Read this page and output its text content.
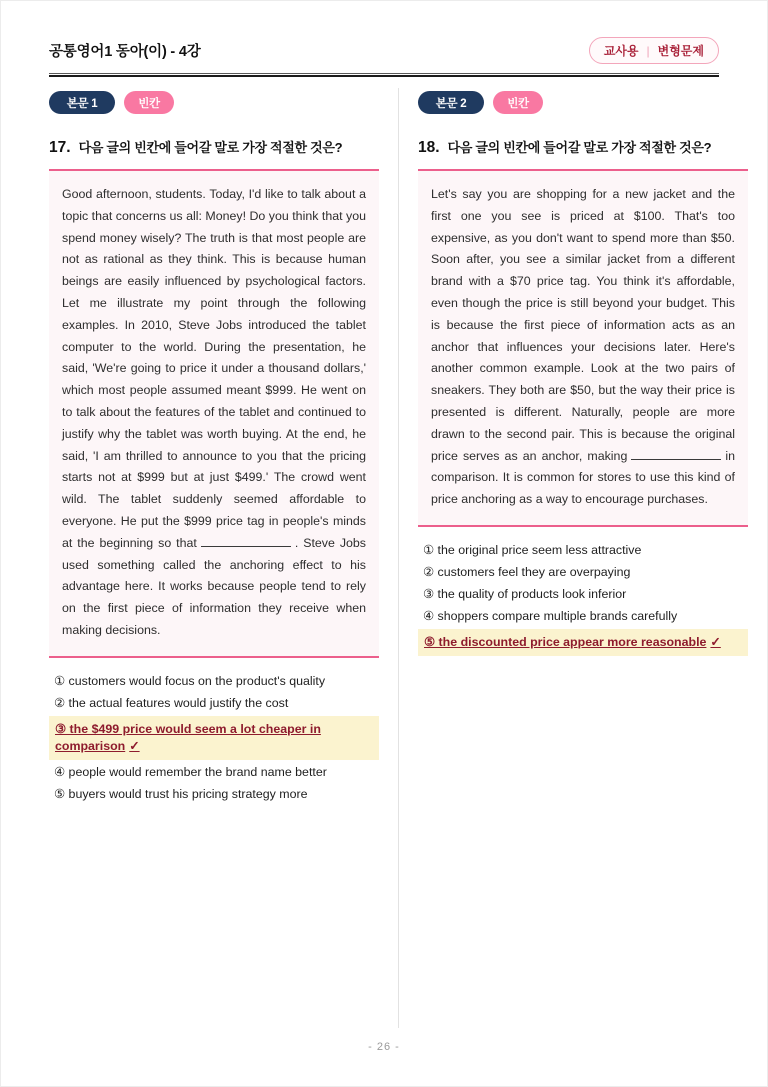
공통영어1 동아(이) - 4강	교사용 | 변형문제
본문 1	빈칸
17. 다음 글의 빈칸에 들어갈 말로 가장 적절한 것은?
Good afternoon, students. Today, I'd like to talk about a topic that concerns us all: Money! Do you think that you spend money wisely? The truth is that most people are not as rational as they think. This is because human beings are easily influenced by psychological factors. Let me illustrate my point through the following examples. In 2010, Steve Jobs introduced the tablet computer to the world. During the presentation, he said, 'We're going to price it under a thousand dollars,' which most people assumed meant $999. He went on to talk about the features of the tablet and continued to justify why the tablet was worth buying. At the end, he said, 'I am thrilled to announce to you that the pricing starts not at $999 but at just $499.' The crowd went wild. The tablet suddenly seemed affordable to everyone. He put the $999 price tag in people's minds at the beginning so that	. Steve Jobs used something called the anchoring effect to his advantage here. It works because people tend to rely on the first piece of information they receive when making decisions.
① customers would focus on the product's quality
② the actual features would justify the cost
③ the $499 price would seem a lot cheaper in comparison ✓
④ people would remember the brand name better
⑤ buyers would trust his pricing strategy more
본문 2	빈칸
18. 다음 글의 빈칸에 들어갈 말로 가장 적절한 것은?
Let's say you are shopping for a new jacket and the first one you see is priced at $100. That's too expensive, as you don't want to spend more than $50. Soon after, you see a similar jacket from a different brand with a $70 price tag. You think it's affordable, even though the price is still beyond your budget. This is because the first piece of information acts as an anchor that influences your decisions later. Here's another common example. Look at the two pairs of sneakers. They both are $50, but the way their price is presented is different. Naturally, people are more drawn to the second pair. This is because the original price serves as an anchor, making	in comparison. It is common for stores to use this kind of price anchoring as a way to encourage purchases.
① the original price seem less attractive
② customers feel they are overpaying
③ the quality of products look inferior
④ shoppers compare multiple brands carefully
⑤ the discounted price appear more reasonable ✓
- 26 -
